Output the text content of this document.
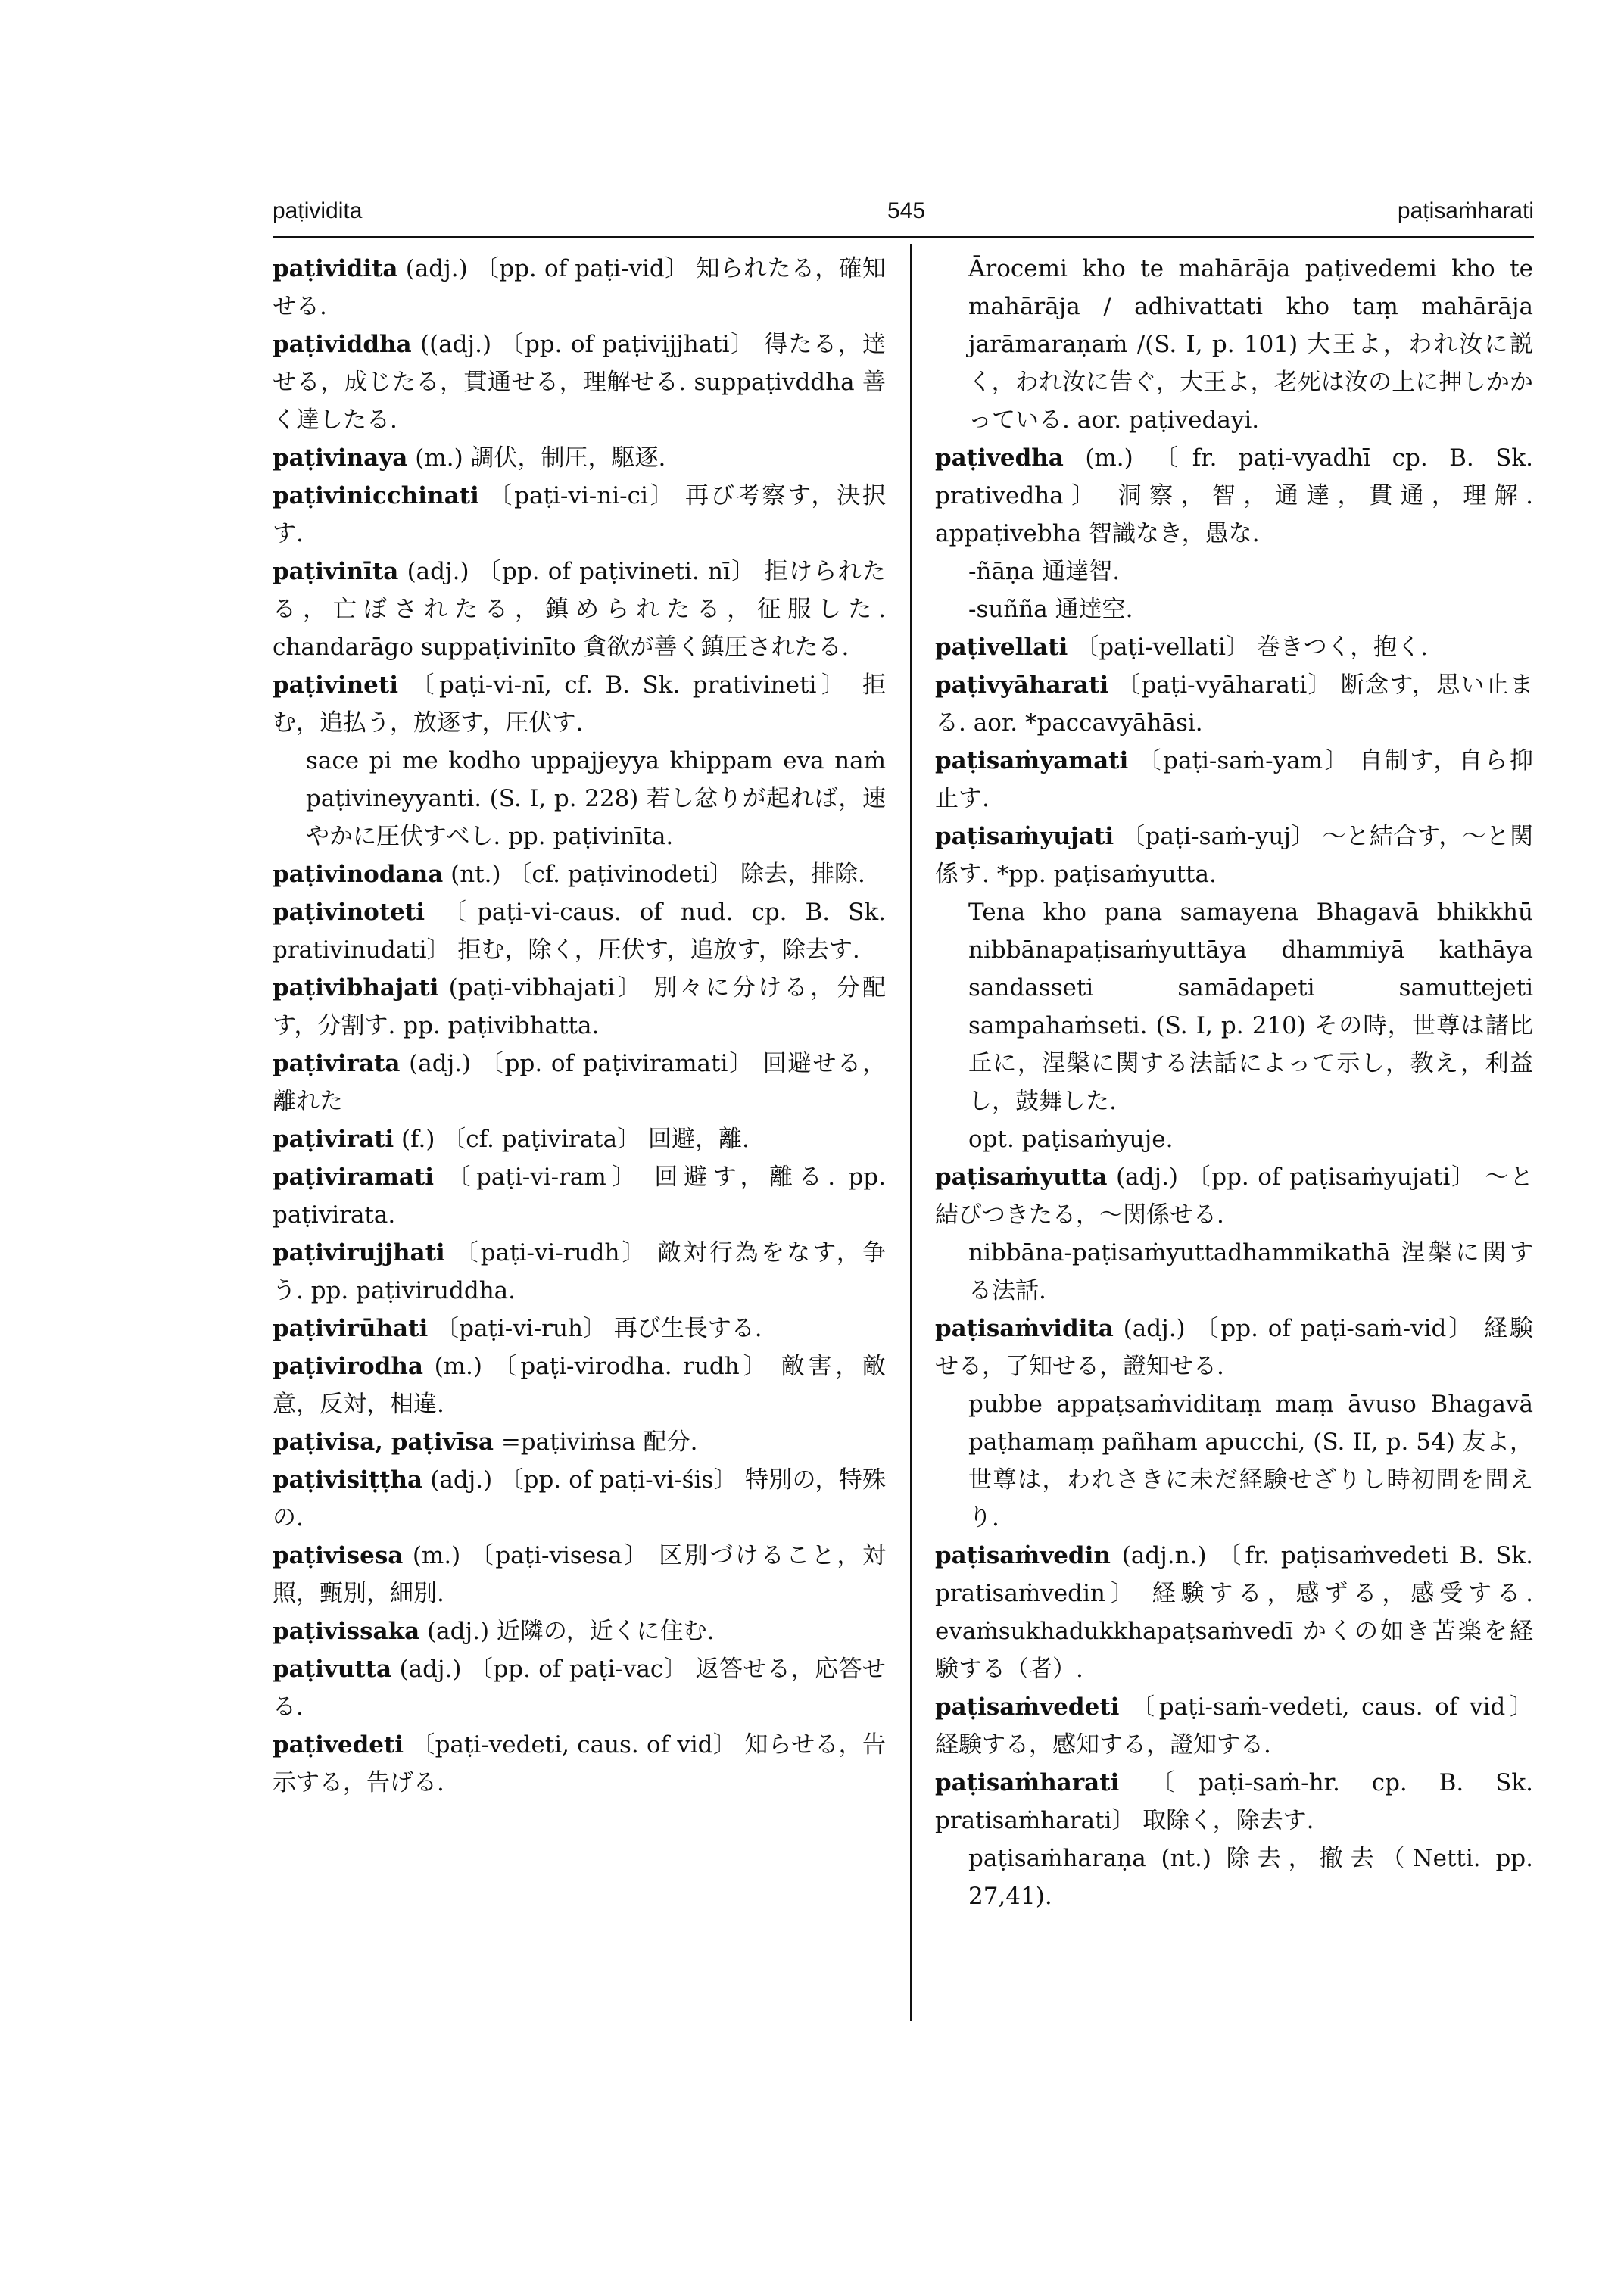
paṭividita	545	paṭisaṁharati
paṭividita (adj.) 〔pp. of paṭi-vid〕 知られたる，確知せる.
paṭividdha ((adj.) 〔pp. of paṭivijjhati〕 得たる，達せる，成じたる，貫通せる，理解せる. suppaṭivddha 善く達したる.
paṭivinaya (m.) 調伏，制圧，駆逐.
paṭivinicchinati 〔paṭi-vi-ni-ci〕 再び考察す，決択す.
paṭivinīta (adj.) 〔pp. of paṭivineti. nī〕 拒けられたる，亡ぼされたる，鎮められたる，征服した. chandarāgo suppaṭivinīto 貪欲が善く鎮圧されたる.
paṭivineti 〔paṭi-vi-nī, cf. B. Sk. prativineti〕 拒む，追払う，放逐す，圧伏す.
sace pi me kodho uppajjeyya khippam eva naṁ paṭivineyyanti. (S. I, p. 228) 若し忿りが起れば，速やかに圧伏すべし. pp. paṭivinīta.
paṭivinodana (nt.) 〔cf. paṭivinodeti〕 除去，排除.
paṭivinoteti 〔paṭi-vi-caus. of nud. cp. B. Sk. prativinudati〕 拒む，除く，圧伏す，追放す，除去す.
paṭivibhajati (paṭi-vibhajati〕 別々に分ける，分配す，分割す. pp. paṭivibhatta.
paṭivirata (adj.) 〔pp. of paṭiviramati〕 回避せる，離れた
paṭivirati (f.) 〔cf. paṭivirata〕 回避，離.
paṭiviramati 〔paṭi-vi-ram〕 回避す，離る. pp. paṭivirata.
paṭivirujjhati 〔paṭi-vi-rudh〕 敵対行為をなす，争う. pp. paṭiviruddha.
paṭivirūhati 〔paṭi-vi-ruh〕 再び生長する.
paṭivirodha (m.) 〔paṭi-virodha. rudh〕 敵害，敵意，反対，相違.
paṭivisa, paṭivīsa =paṭiviṁsa 配分.
paṭivisiṭṭha (adj.) 〔pp. of paṭi-vi-śis〕 特別の，特殊の.
paṭivisesa (m.) 〔paṭi-visesa〕 区別づけること，対照，甄別，細別.
paṭivissaka (adj.) 近隣の，近くに住む.
paṭivutta (adj.) 〔pp. of paṭi-vac〕 返答せる，応答せる.
paṭivedeti 〔paṭi-vedeti, caus. of vid〕 知らせる，告示する，告げる.
Ārocemi kho te mahārāja paṭivedemi kho te mahārāja / adhivattati kho taṃ mahārāja jarāmaraṇaṁ /(S. I, p. 101) 大王よ，われ汝に説く，われ汝に告ぐ，大王よ，老死は汝の上に押しかかっている. aor. paṭivedayi.
paṭivedha (m.) 〔fr. paṭi-vyadhī cp. B. Sk. prativedha〕 洞察，智，通達，貫通，理解. appaṭivebha 智識なき，愚な.
-ñāṇa 通達智.
-suñña 通達空.
paṭivellati 〔paṭi-vellati〕 巻きつく，抱く.
paṭivyāharati 〔paṭi-vyāharati〕 断念す，思い止まる. aor. *paccavyāhāsi.
paṭisaṁyamati 〔paṭi-saṁ-yam〕 自制す，自ら抑止す.
paṭisaṁyujati 〔paṭi-saṁ-yuj〕 ～と結合す，～と関係す. *pp. paṭisaṁyutta.
Tena kho pana samayena Bhagavā bhikkhū nibbānapaṭisaṁyuttāya dhammiyā kathāya sandasseti samādapeti samuttejeti sampahaṁseti. (S. I, p. 210) その時，世尊は諸比丘に，涅槃に関する法話によって示し，教え，利益し，鼓舞した.
opt. paṭisaṁyuje.
paṭisaṁyutta (adj.) 〔pp. of paṭisaṁyujati〕 ～と結びつきたる，～関係せる.
nibbāna-paṭisaṁyuttadhammikathā 涅槃に関する法話.
paṭisaṁvidita (adj.) 〔pp. of paṭi-saṁ-vid〕 経験せる，了知せる，證知せる.
pubbe appaṭsaṁviditaṃ maṃ āvuso Bhagavā paṭhamaṃ pañham apucchi, (S. II, p. 54) 友よ，世尊は，われさきに未だ経験せざりし時初問を問えり.
paṭisaṁvedin (adj.n.) 〔fr. paṭisaṁvedeti B. Sk. pratisaṁvedin〕 経験する，感ずる，感受する. evaṁsukhadukkhapaṭsaṁvedī かくの如き苦楽を経験する（者）.
paṭisaṁvedeti 〔paṭi-saṁ-vedeti, caus. of vid〕 経験する，感知する，證知する.
paṭisaṁharati 〔paṭi-saṁ-hr. cp. B. Sk. pratisaṁharati〕 取除く，除去す.
paṭisaṁharaṇa (nt.) 除去，撤去（Netti. pp. 27,41).
